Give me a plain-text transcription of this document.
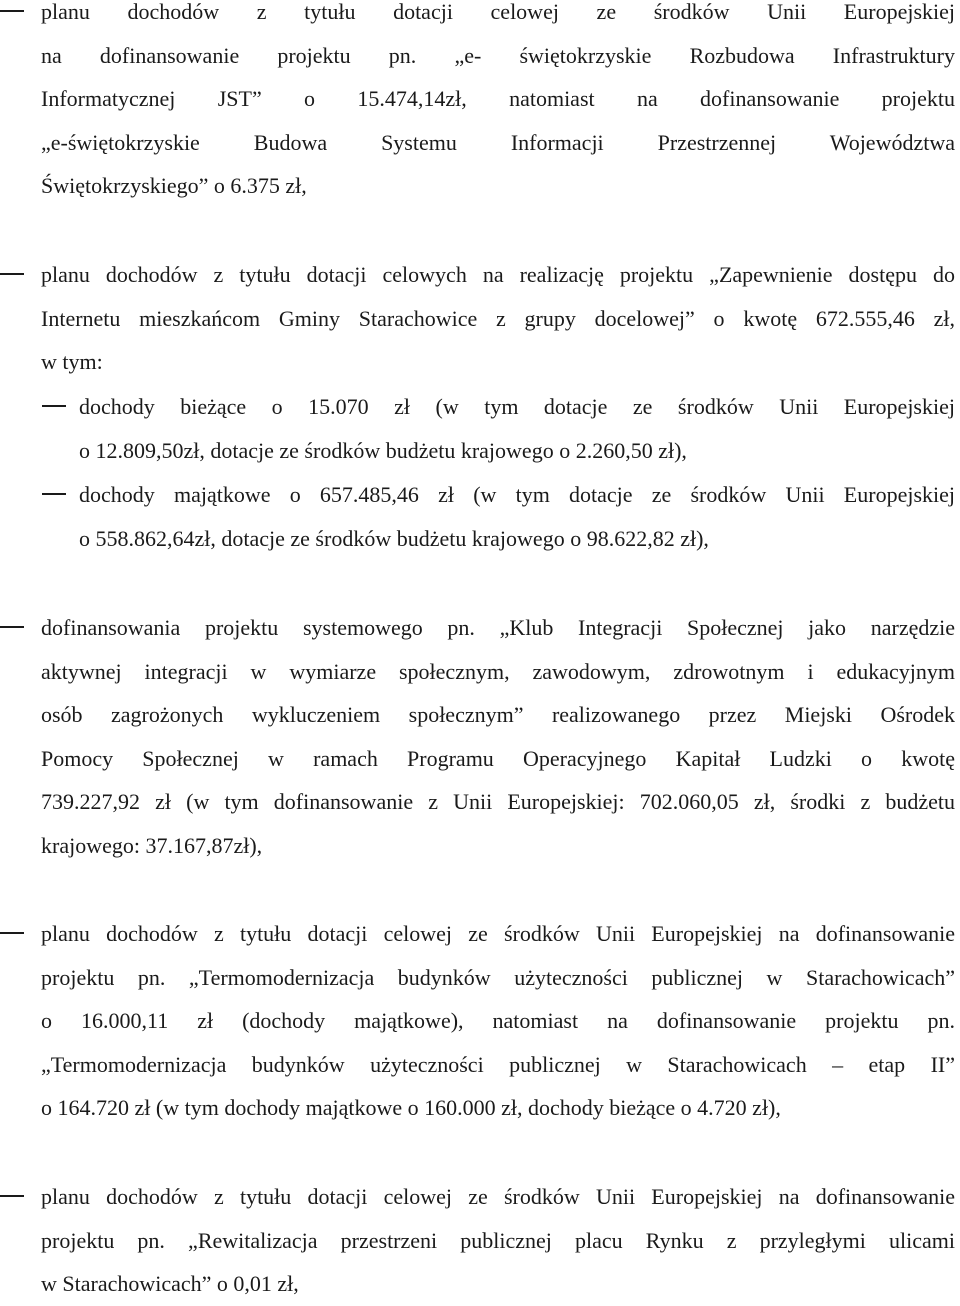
planu dochodów z tytułu dotacji celowej ze środków Unii Europejskiej
na dofinansowanie projektu pn. „e- świętokrzyskie Rozbudowa Infrastruktury
Informatycznej JST” o 15.474,14zł, natomiast na dofinansowanie projektu
„e-świętokrzyskie Budowa Systemu Informacji Przestrzennej Województwa
Świętokrzyskiego” o 6.375 zł,
planu dochodów z tytułu dotacji celowych na realizację projektu „Zapewnienie dostępu do
Internetu mieszkańcom Gminy Starachowice z grupy docelowej” o kwotę 672.555,46 zł,
w tym:
dochody bieżące o 15.070 zł (w tym dotacje ze środków Unii Europejskiej
o 12.809,50zł, dotacje ze środków budżetu krajowego o 2.260,50 zł),
dochody majątkowe o 657.485,46 zł (w tym dotacje ze środków Unii Europejskiej
o 558.862,64zł, dotacje ze środków budżetu krajowego o 98.622,82 zł),
dofinansowania projektu systemowego pn. „Klub Integracji Społecznej jako narzędzie
aktywnej integracji w wymiarze społecznym, zawodowym, zdrowotnym i edukacyjnym
osób zagrożonych wykluczeniem społecznym” realizowanego przez Miejski Ośrodek
Pomocy Społecznej w ramach Programu Operacyjnego Kapitał Ludzki o kwotę
739.227,92 zł (w tym dofinansowanie z Unii Europejskiej: 702.060,05 zł, środki z budżetu
krajowego: 37.167,87zł),
planu dochodów z tytułu dotacji celowej ze środków Unii Europejskiej na dofinansowanie
projektu pn. „Termomodernizacja budynków użyteczności publicznej w Starachowicach”
o 16.000,11 zł (dochody majątkowe), natomiast na dofinansowanie projektu pn.
„Termomodernizacja budynków użyteczności publicznej w Starachowicach – etap II”
o 164.720 zł (w tym dochody majątkowe o 160.000 zł, dochody bieżące o 4.720 zł),
planu dochodów z tytułu dotacji celowej ze środków Unii Europejskiej na dofinansowanie
projektu pn. „Rewitalizacja przestrzeni publicznej placu Rynku z przyległymi ulicami
w Starachowicach” o 0,01 zł,
